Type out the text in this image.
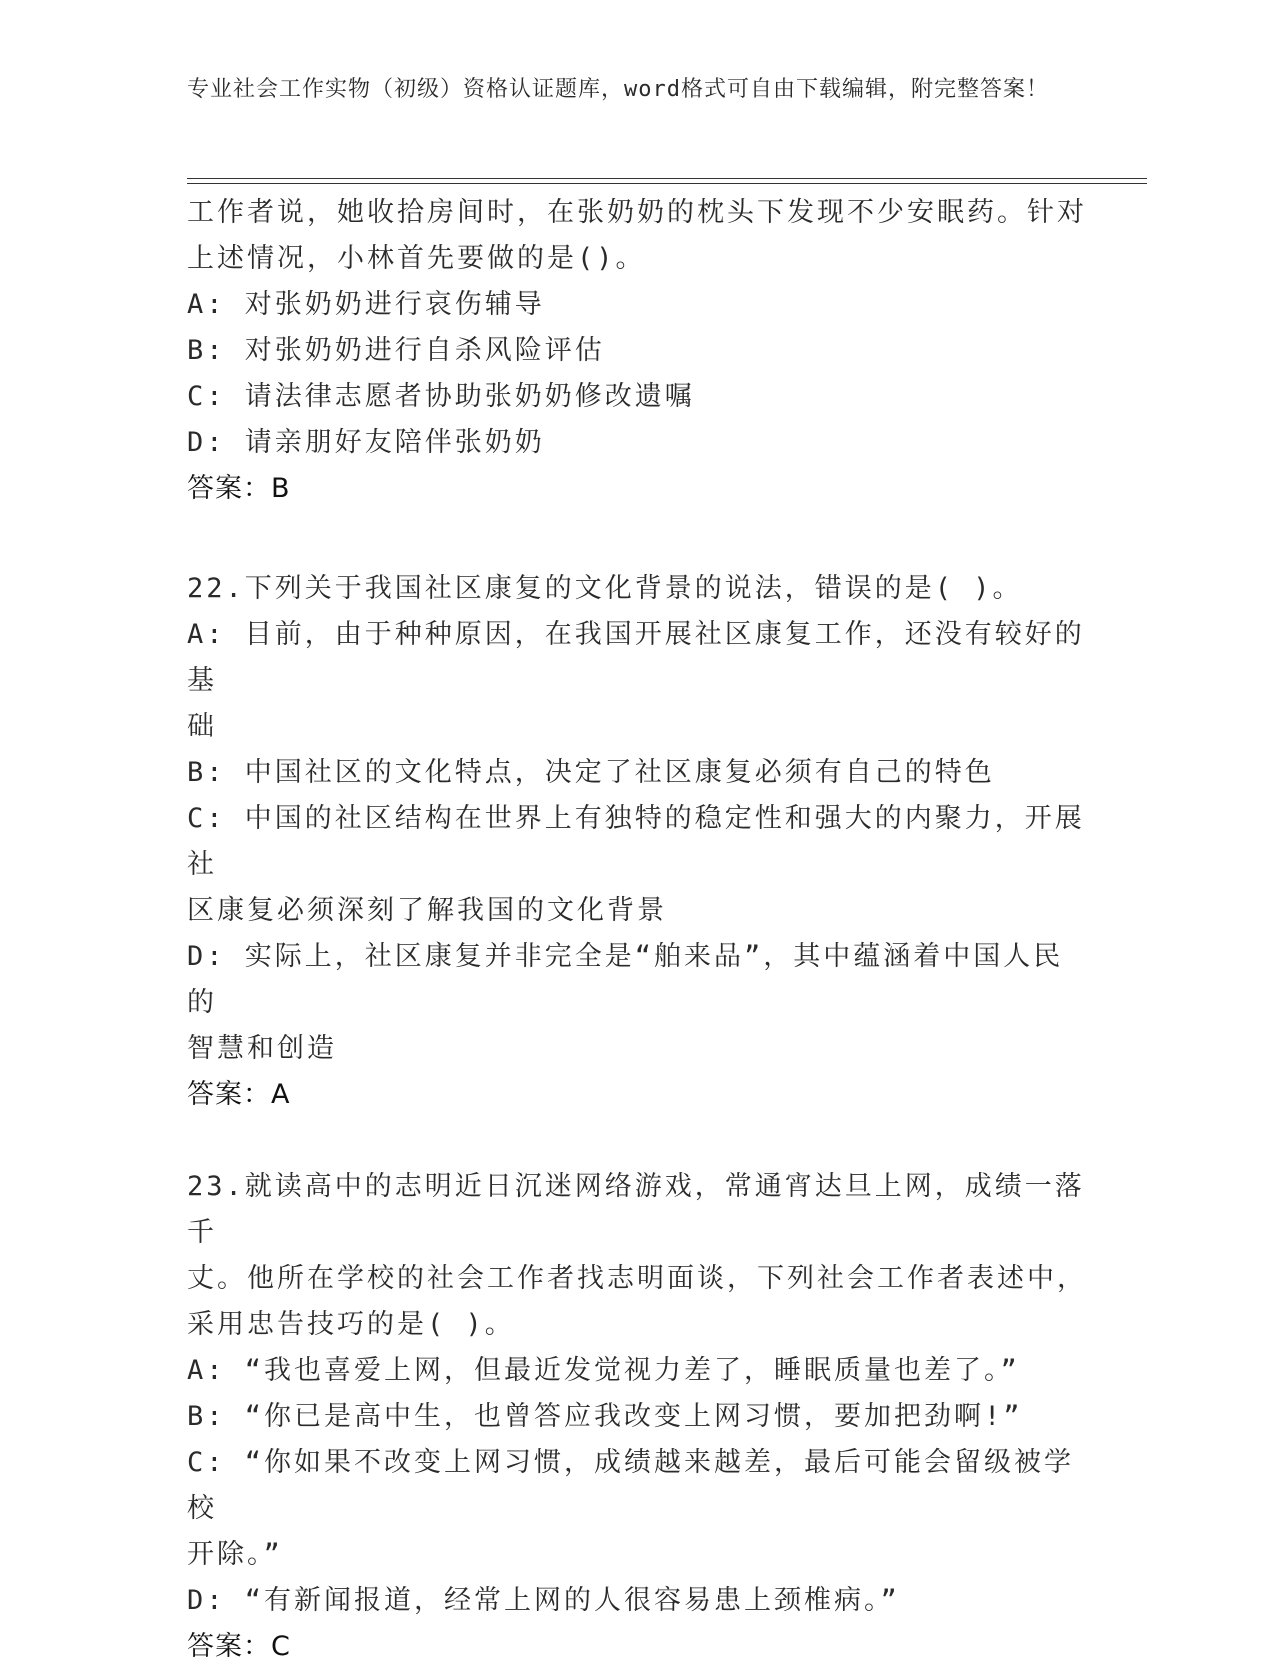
专业社会工作实物（初级）资格认证题库，word格式可自由下载编辑，附完整答案！
工作者说，她收拾房间时，在张奶奶的枕头下发现不少安眠药。针对
上述情况，小林首先要做的是()。
A: 对张奶奶进行哀伤辅导
B: 对张奶奶进行自杀风险评估
C: 请法律志愿者协助张奶奶修改遗嘱
D: 请亲朋好友陪伴张奶奶
答案：B
22.下列关于我国社区康复的文化背景的说法，错误的是( )。
A: 目前，由于种种原因，在我国开展社区康复工作，还没有较好的基
础
B: 中国社区的文化特点，决定了社区康复必须有自己的特色
C: 中国的社区结构在世界上有独特的稳定性和强大的内聚力，开展社
区康复必须深刻了解我国的文化背景
D: 实际上，社区康复并非完全是“舶来品”，其中蕴涵着中国人民的
智慧和创造
答案：A
23.就读高中的志明近日沉迷网络游戏，常通宵达旦上网，成绩一落千
丈。他所在学校的社会工作者找志明面谈，下列社会工作者表述中，
采用忠告技巧的是( )。
A: “我也喜爱上网，但最近发觉视力差了，睡眠质量也差了。”
B: “你已是高中生，也曾答应我改变上网习惯，要加把劲啊!”
C: “你如果不改变上网习惯，成绩越来越差，最后可能会留级被学校
开除。”
D: “有新闻报道，经常上网的人很容易患上颈椎病。”
答案：C
